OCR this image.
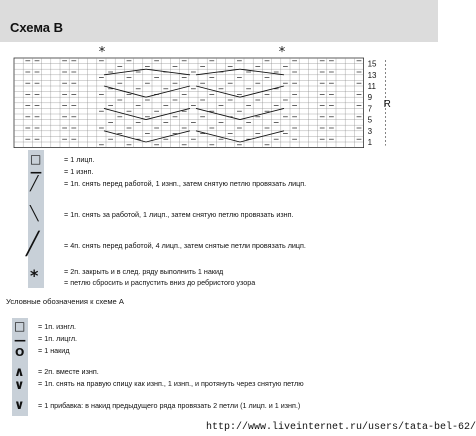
Схема В
*	*
15
13
11
9
7
5
3
1
R
□
—
╱
╲
╱
*
= 1 лицп.
= 1 изнп.
= 1п. снять перед работой, 1 изнп., затем снятую петлю провязать лицп.
= 1п. снять за работой, 1 лицп., затем снятую петлю провязать изнп.
= 4п. снять перед работой, 4 лицп., затем снятые петли провязать лицп.
= 2п. закрыть и в след. ряду выполнить 1 накид
= петлю сбросить и распустить вниз до ребристого узора
Условные обозначения к схеме А
□
—
O
∧
∨
∨
= 1п. изнгл.
= 1п. лицгл.
= 1 накид
= 2п. вместе изнп.
= 1п. снять на правую спицу как изнп., 1 изнп., и протянуть через снятую петлю
= 1 прибавка: в накид предыдущего ряда провязать 2 петли (1 лицп. и 1 изнп.)
http://www.liveinternet.ru/users/tata-bel-62/
